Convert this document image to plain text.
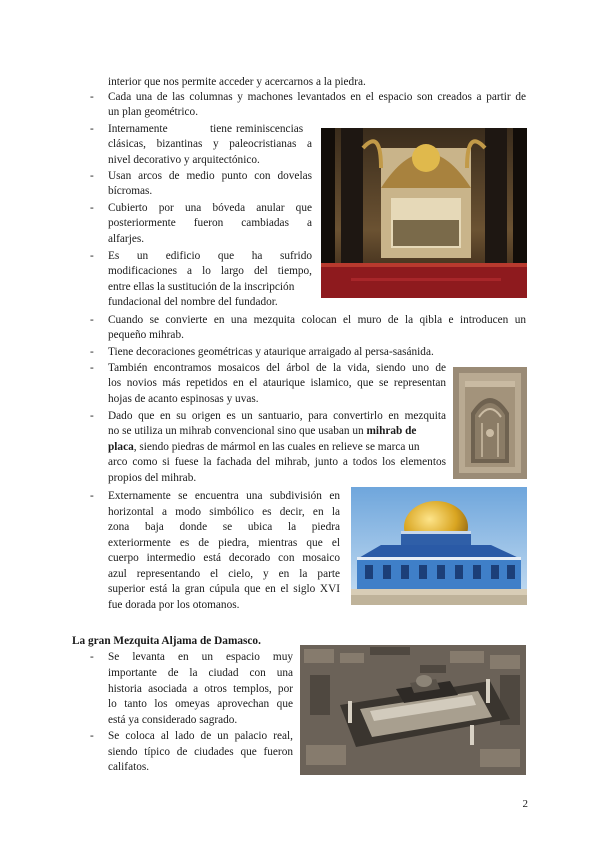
interior que nos permite acceder y acercarnos a la piedra.
- Cada una de las columnas y machones levantados en el espacio son creados a partir de
un plan geométrico.
- Internamente	tiene reminiscencias
clásicas, bizantinas y paleocristianas a
nivel decorativo y arquitectónico.
- Usan arcos de medio punto con dovelas
bícromas.
- Cubierto por una bóveda anular que
posteriormente fueron cambiadas a
alfarjes.
- Es un edificio que ha sufrido
modificaciones a lo largo del tiempo,
entre ellas la sustitución de la inscripción
fundacional del nombre del fundador.
- Cuando se convierte en una mezquita colocan el muro de la qibla e introducen un
pequeño mihrab.
- Tiene decoraciones geométricas y ataurique arraigado al persa-sasánida.
- También encontramos mosaicos del árbol de la vida, siendo uno de
los novios más repetidos en el ataurique islamico, que se representan
hojas de acanto espinosas y uvas.
- Dado que en su origen es un santuario, para convertirlo en mezquita
no se utiliza un mihrab convencional sino que usaban un mihrab de
placa, siendo piedras de mármol en las cuales en relieve se marca un
arco como si fuese la fachada del mihrab, junto a todos los elementos
propios del mihrab.
- Externamente se encuentra una subdivisión en
horizontal a modo simbólico es decir, en la
zona baja donde se ubica la piedra
exteriormente es de piedra, mientras que el
cuerpo intermedio está decorado con mosaico
azul representando el cielo, y en la parte
superior está la gran cúpula que en el siglo XVI
fue dorada por los otomanos.
La gran Mezquita Aljama de Damasco.
- Se levanta en un espacio muy
importante de la ciudad con una
historia asociada a otros templos, por
lo tanto los omeyas aprovechan que
está ya considerado sagrado.
- Se coloca al lado de un palacio real,
siendo típico de ciudades que fueron
califatos.
2
